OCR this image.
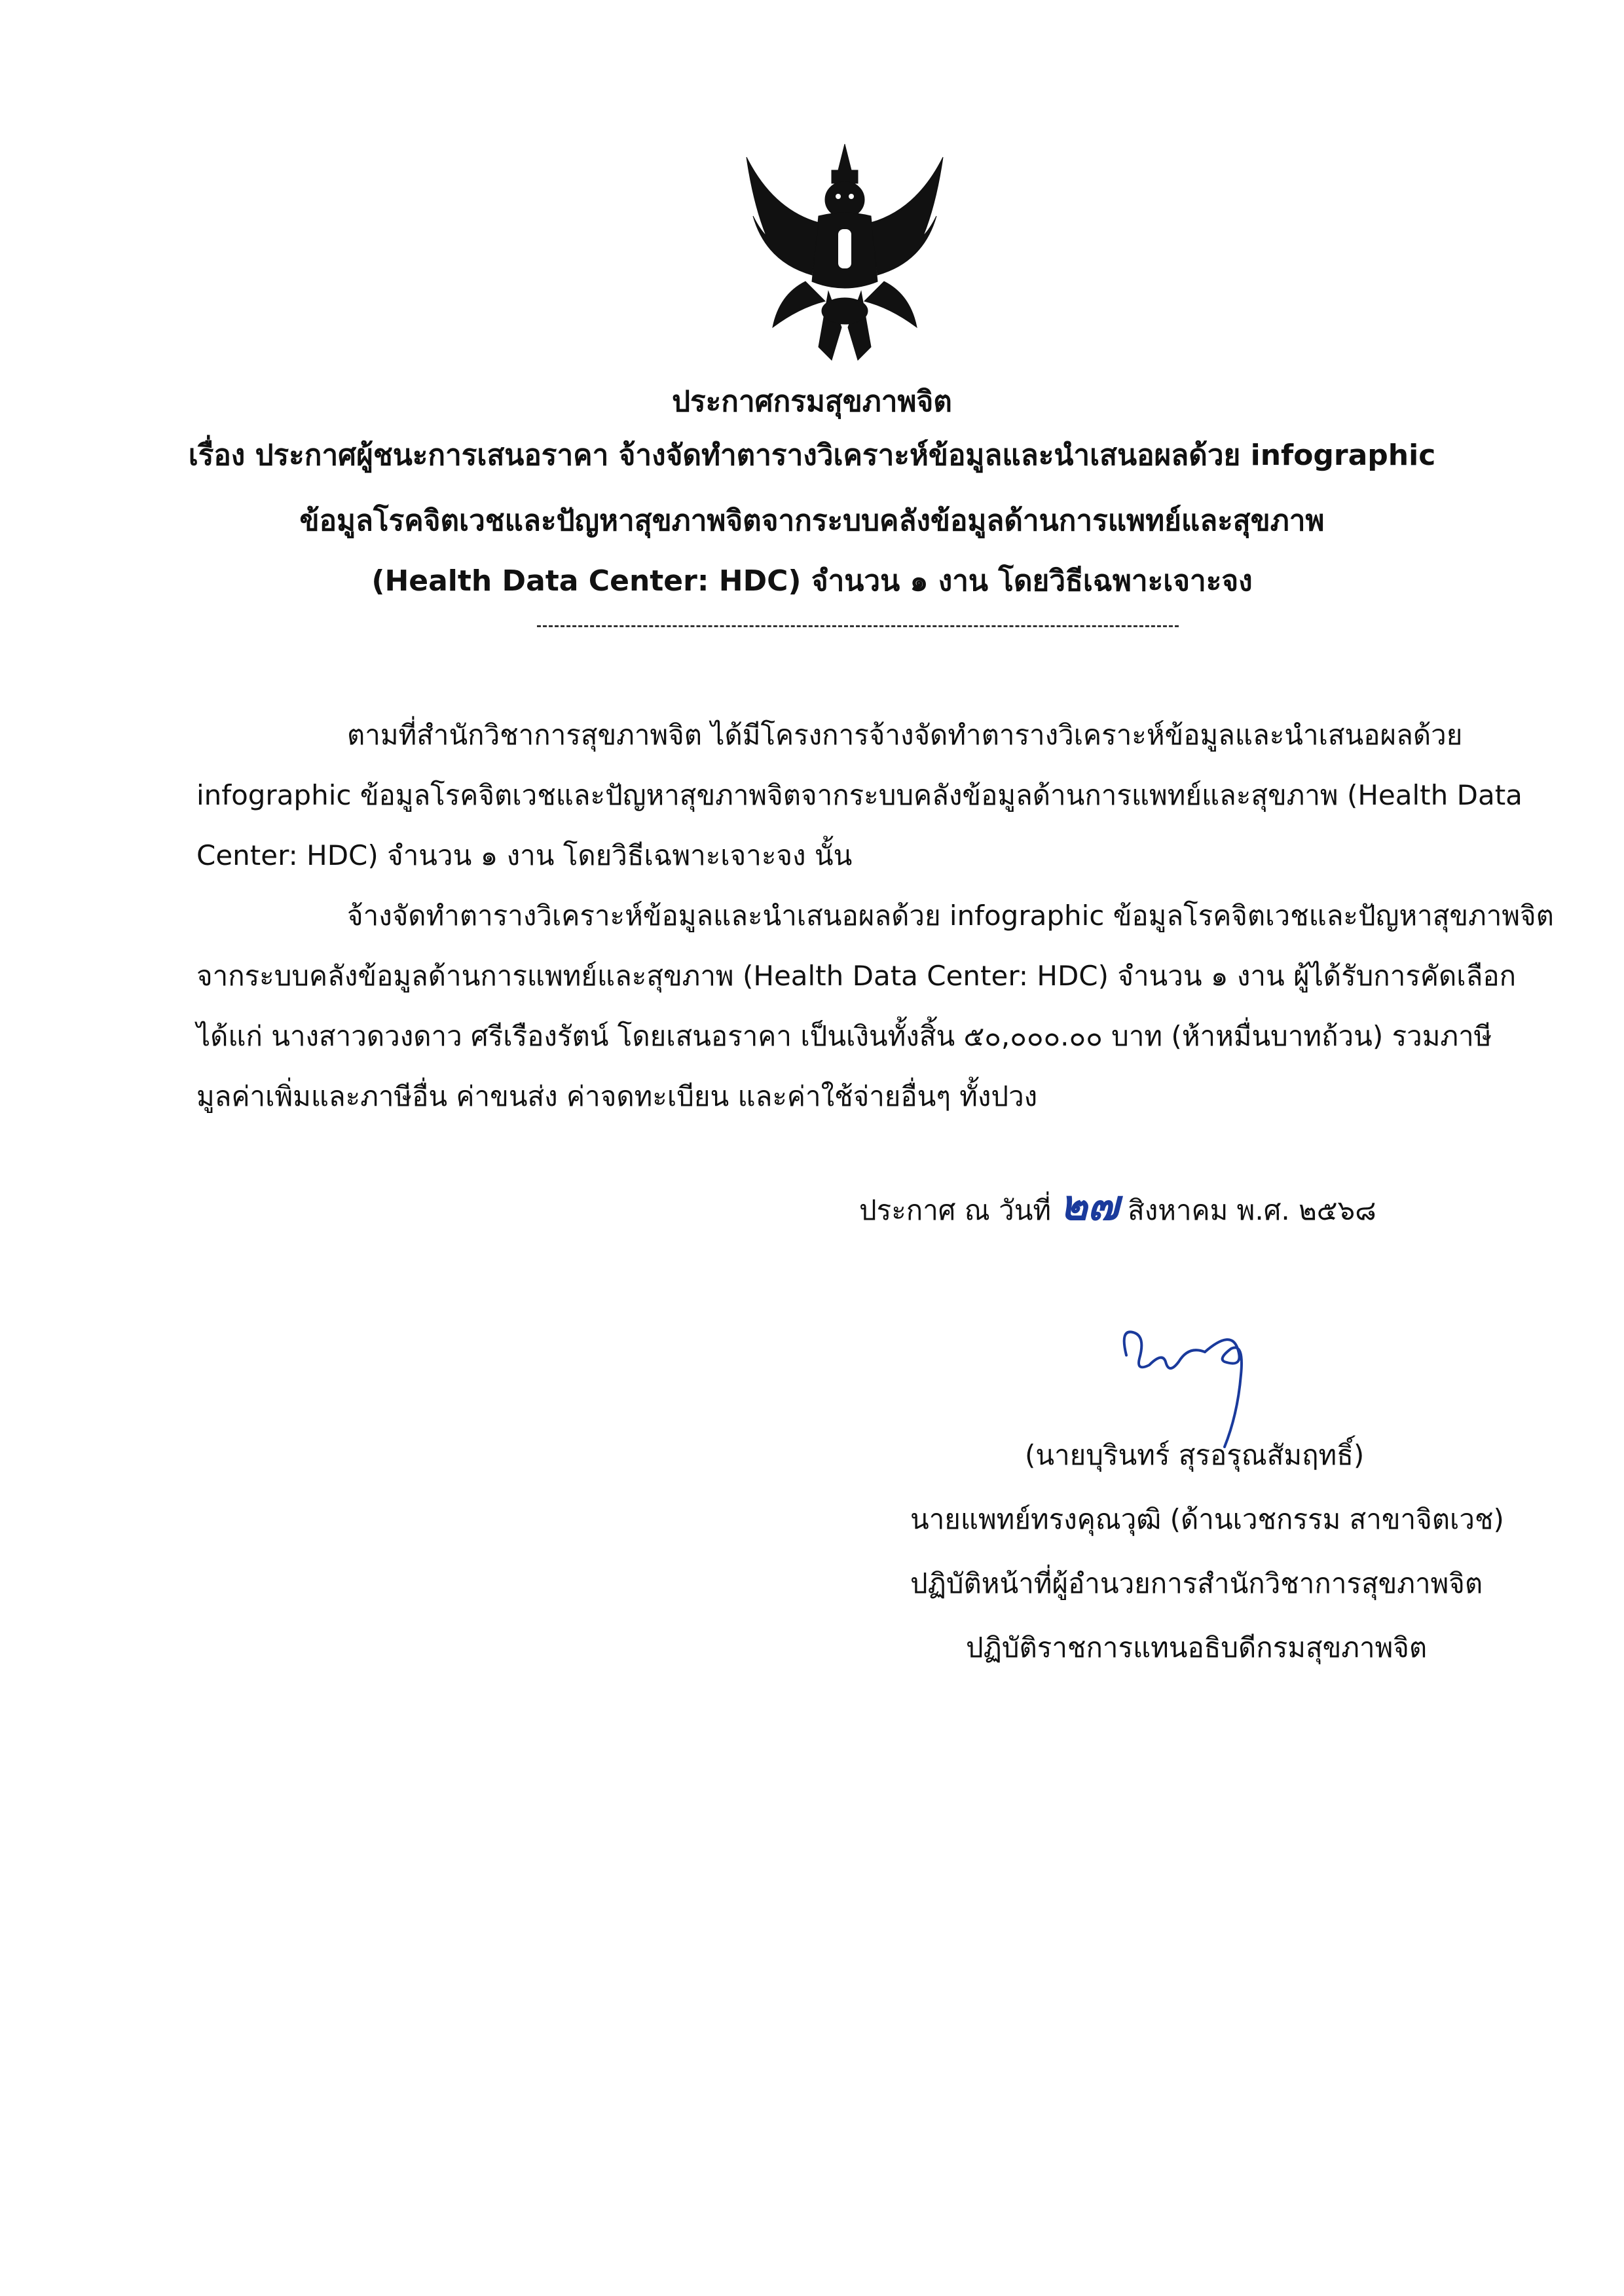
ประกาศกรมสุขภาพจิต
เรื่อง ประกาศผู้ชนะการเสนอราคา จ้างจัดทำตารางวิเคราะห์ข้อมูลและนำเสนอผลด้วย infographic
ข้อมูลโรคจิตเวชและปัญหาสุขภาพจิตจากระบบคลังข้อมูลด้านการแพทย์และสุขภาพ
(Health Data Center: HDC) จำนวน ๑ งาน โดยวิธีเฉพาะเจาะจง
ตามที่สำนักวิชาการสุขภาพจิต ได้มีโครงการจ้างจัดทำตารางวิเคราะห์ข้อมูลและนำเสนอผลด้วย
infographic ข้อมูลโรคจิตเวชและปัญหาสุขภาพจิตจากระบบคลังข้อมูลด้านการแพทย์และสุขภาพ (Health Data
Center: HDC) จำนวน ๑ งาน โดยวิธีเฉพาะเจาะจง นั้น
จ้างจัดทำตารางวิเคราะห์ข้อมูลและนำเสนอผลด้วย infographic ข้อมูลโรคจิตเวชและปัญหาสุขภาพจิต
จากระบบคลังข้อมูลด้านการแพทย์และสุขภาพ (Health Data Center: HDC) จำนวน ๑ งาน ผู้ได้รับการคัดเลือก
ได้แก่ นางสาวดวงดาว ศรีเรืองรัตน์ โดยเสนอราคา เป็นเงินทั้งสิ้น ๕๐,๐๐๐.๐๐ บาท (ห้าหมื่นบาทถ้วน) รวมภาษี
มูลค่าเพิ่มและภาษีอื่น ค่าขนส่ง ค่าจดทะเบียน และค่าใช้จ่ายอื่นๆ ทั้งปวง
ประกาศ ณ วันที่ ๒๗ สิงหาคม พ.ศ. ๒๕๖๘
(นายบุรินทร์ สุรอรุณสัมฤทธิ์)
นายแพทย์ทรงคุณวุฒิ (ด้านเวชกรรม สาขาจิตเวช)
ปฏิบัติหน้าที่ผู้อำนวยการสำนักวิชาการสุขภาพจิต
ปฏิบัติราชการแทนอธิบดีกรมสุขภาพจิต
